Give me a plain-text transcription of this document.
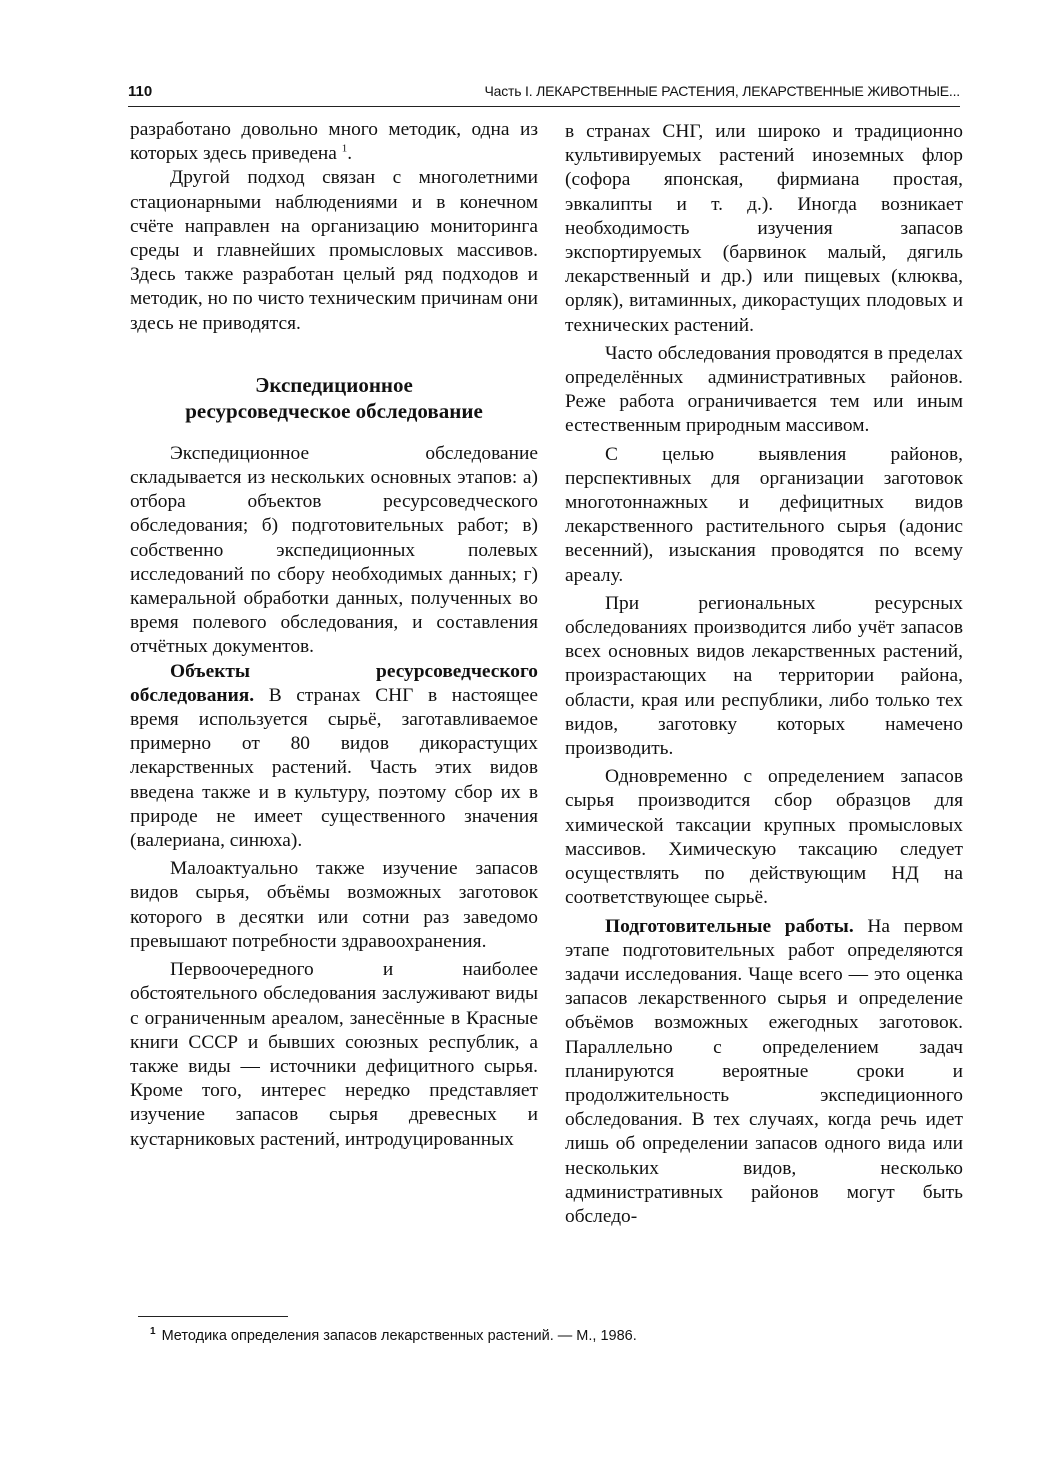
110	Часть I. ЛЕКАРСТВЕННЫЕ РАСТЕНИЯ, ЛЕКАРСТВЕННЫЕ ЖИВОТНЫЕ...

разработано довольно много методик, одна из которых здесь приведена $^1$.

Другой подход связан с многолетними стационарными наблюдениями и в конечном счёте направлен на организацию мониторинга среды и главнейших промысловых массивов. Здесь также разработан целый ряд подходов и методик, но по чисто техническим причинам они здесь не приводятся.

Экспедиционное
ресурсоведческое обследование

Экспедиционное обследование складывается из нескольких основных этапов: а) отбора объектов ресурсоведческого обследования; б) подготовительных работ; в) собственно экспедиционных полевых исследований по сбору необходимых данных; г) камеральной обработки данных, полученных во время полевого обследования, и составления отчётных документов.

Объекты ресурсоведческого обследования. В странах СНГ в настоящее время используется сырьё, заготавливаемое примерно от 80 видов дикорастущих лекарственных растений. Часть этих видов введена также и в культуру, поэтому сбор их в природе не имеет существенного значения (валериана, синюха).

Малоактуально также изучение запасов видов сырья, объёмы возможных заготовок которого в десятки или сотни раз заведомо превышают потребности здравоохранения.

Первоочередного и наиболее обстоятельного обследования заслуживают виды с ограниченным ареалом, занесённые в Красные книги СССР и бывших союзных республик, а также виды — источники дефицитного сырья. Кроме того, интерес нередко представляет изучение запасов сырья древесных и кустарниковых растений, интродуцированных

в странах СНГ, или широко и традиционно культивируемых растений иноземных флор (софора японская, фирмиана простая, эвкалипты и т. д.). Иногда возникает необходимость изучения запасов экспортируемых (барвинок малый, дягиль лекарственный и др.) или пищевых (клюква, орляк), витаминных, дикорастущих плодовых и технических растений.

Часто обследования проводятся в пределах определённых административных районов. Реже работа ограничивается тем или иным естественным природным массивом.

С целью выявления районов, перспективных для организации заготовок многотоннажных и дефицитных видов лекарственного растительного сырья (адонис весенний), изыскания проводятся по всему ареалу.

При региональных ресурсных обследованиях производится либо учёт запасов всех основных видов лекарственных растений, произрастающих на территории района, области, края или республики, либо только тех видов, заготовку которых намечено производить.

Одновременно с определением запасов сырья производится сбор образцов для химической таксации крупных промысловых массивов. Химическую таксацию следует осуществлять по действующим НД на соответствующее сырьё.

Подготовительные работы. На первом этапе подготовительных работ определяются задачи исследования. Чаще всего — это оценка запасов лекарственного сырья и определение объёмов возможных ежегодных заготовок. Параллельно с определением задач планируются вероятные сроки и продолжительность экспедиционного обследования. В тех случаях, когда речь идет лишь об определении запасов одного вида или нескольких видов, несколько административных районов могут быть обследо-

$^1$ Методика определения запасов лекарственных растений. — М., 1986.
